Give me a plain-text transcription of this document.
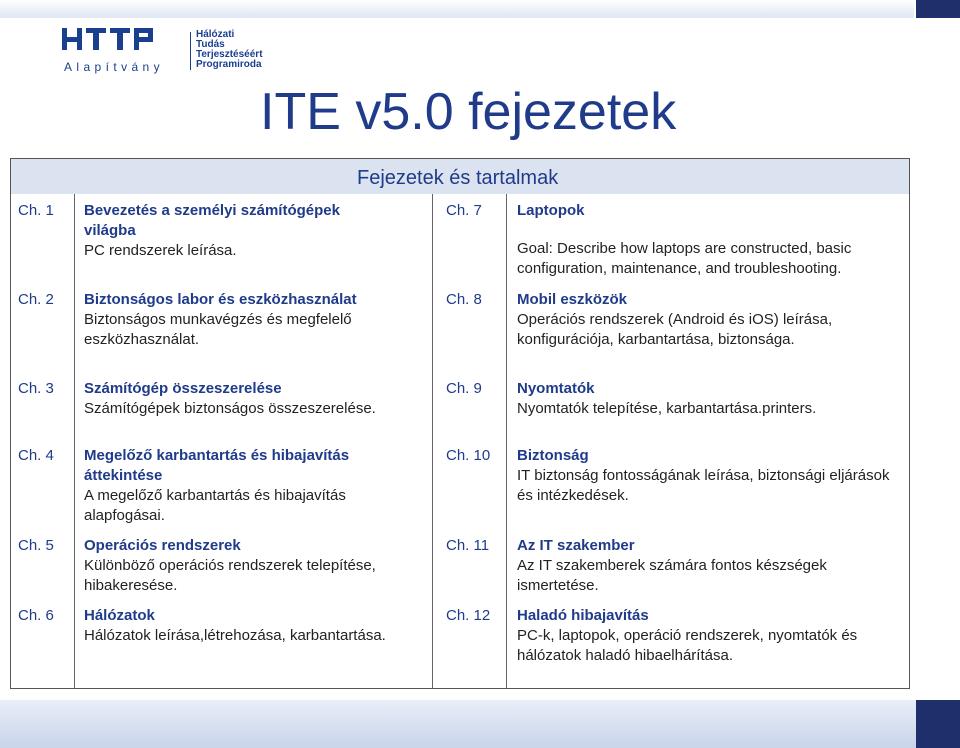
Alapítvány
Hálózati
Tudás
Terjesztéséért
Programiroda
ITE v5.0 fejezetek
Fejezetek és tartalmak
Ch. 1 Bevezetés a személyi számítógépek világba
PC rendszerek leírása.
Ch. 2 Biztonságos labor és eszközhasználat
Biztonságos munkavégzés és megfelelő eszközhasználat.
Ch. 3 Számítógép összeszerelése
Számítógépek biztonságos összeszerelése.
Ch. 4 Megelőző karbantartás és hibajavítás áttekintése
A megelőző karbantartás és hibajavítás alapfogásai.
Ch. 5 Operációs rendszerek
Különböző operációs rendszerek telepítése, hibakeresése.
Ch. 6 Hálózatok
Hálózatok leírása,létrehozása, karbantartása.
Ch. 7 Laptopok
Goal: Describe how laptops are constructed, basic configuration, maintenance, and troubleshooting.
Ch. 8 Mobil eszközök
Operációs rendszerek (Android és iOS) leírása, konfigurációja, karbantartása, biztonsága.
Ch. 9 Nyomtatók
Nyomtatók telepítése, karbantartása.printers.
Ch. 10 Biztonság
IT biztonság fontosságának leírása, biztonsági eljárások és intézkedések.
Ch. 11 Az IT szakember
Az IT szakemberek számára fontos készségek ismertetése.
Ch. 12 Haladó hibajavítás
PC-k, laptopok, operáció rendszerek, nyomtatók és hálózatok haladó hibaelhárítása.
